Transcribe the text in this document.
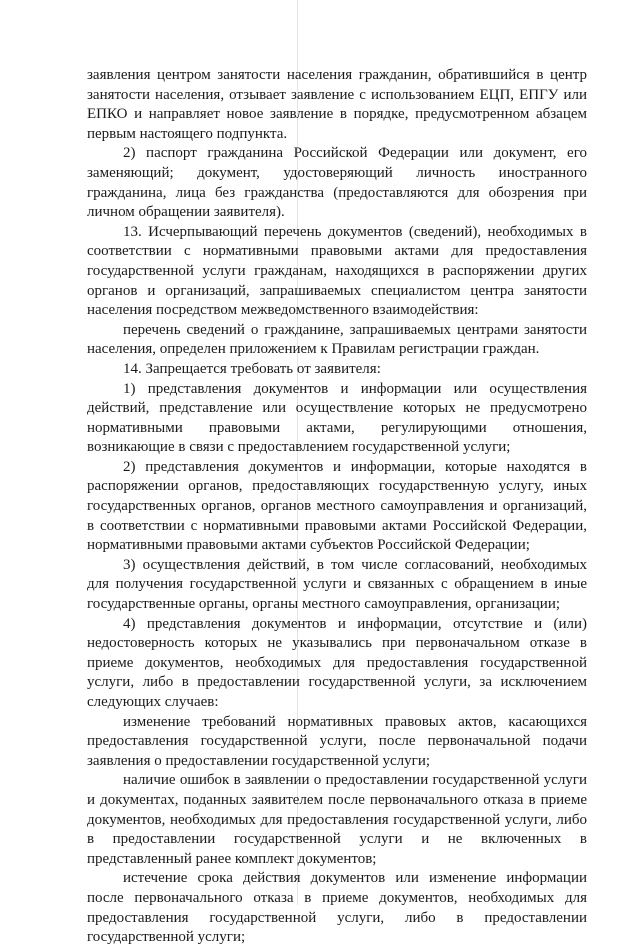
заявления центром занятости населения гражданин, обратившийся в центр занятости населения, отзывает заявление с использованием ЕЦП, ЕПГУ или ЕПКО и направляет новое заявление в порядке, предусмотренном абзацем первым настоящего подпункта.

2) паспорт гражданина Российской Федерации или документ, его заменяющий; документ, удостоверяющий личность иностранного гражданина, лица без гражданства (предоставляются для обозрения при личном обращении заявителя).

13. Исчерпывающий перечень документов (сведений), необходимых в соответствии с нормативными правовыми актами для предоставления государственной услуги гражданам, находящихся в распоряжении других органов и организаций, запрашиваемых специалистом центра занятости населения посредством межведомственного взаимодействия:

перечень сведений о гражданине, запрашиваемых центрами занятости населения, определен приложением к Правилам регистрации граждан.

14. Запрещается требовать от заявителя:

1) представления документов и информации или осуществления действий, представление или осуществление которых не предусмотрено нормативными правовыми актами, регулирующими отношения, возникающие в связи с предоставлением государственной услуги;

2) представления документов и информации, которые находятся в распоряжении органов, предоставляющих государственную услугу, иных государственных органов, органов местного самоуправления и организаций, в соответствии с нормативными правовыми актами Российской Федерации, нормативными правовыми актами субъектов Российской Федерации;

3) осуществления действий, в том числе согласований, необходимых для получения государственной услуги и связанных с обращением в иные государственные органы, органы местного самоуправления, организации;

4) представления документов и информации, отсутствие и (или) недостоверность которых не указывались при первоначальном отказе в приеме документов, необходимых для предоставления государственной услуги, либо в предоставлении государственной услуги, за исключением следующих случаев:

изменение требований нормативных правовых актов, касающихся предоставления государственной услуги, после первоначальной подачи заявления о предоставлении государственной услуги;

наличие ошибок в заявлении о предоставлении государственной услуги и документах, поданных заявителем после первоначального отказа в приеме документов, необходимых для предоставления государственной услуги, либо в предоставлении государственной услуги и не включенных в представленный ранее комплект документов;

истечение срока действия документов или изменение информации после первоначального отказа в приеме документов, необходимых для предоставления государственной услуги, либо в предоставлении государственной услуги;
